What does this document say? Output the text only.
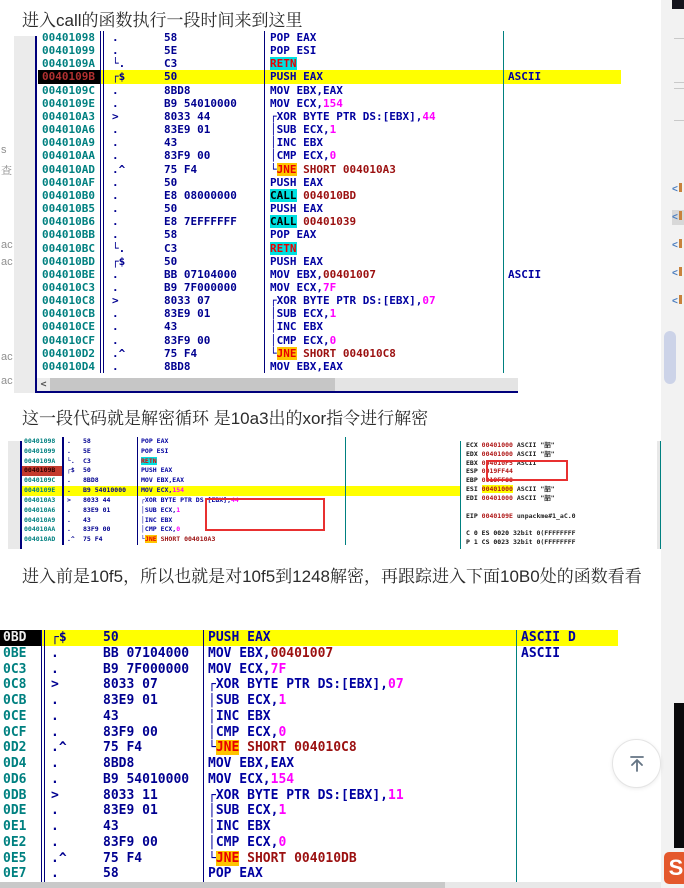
进入call的函数执行一段时间来到这里

s
查
ac
ac
ac
ac
00401098	.	58	POP EAX
00401099	.	5E	POP ESI
0040109A	└.	C3	RETN
0040109B	┌$	50	PUSH EAX	ASCII
0040109C	.	8BD8	MOV EBX,EAX
0040109E	.	B9 54010000	MOV ECX,154
004010A3	>	8033 44	┌XOR BYTE PTR DS:[EBX],44
004010A6	.	83E9 01	│SUB ECX,1
004010A9	.	43	│INC EBX
004010AA	.	83F9 00	│CMP ECX,0
004010AD	.^	75 F4	└JNE SHORT 004010A3
004010AF	.	50	PUSH EAX
004010B0	.	E8 08000000	CALL 004010BD
004010B5	.	50	PUSH EAX
004010B6	.	E8 7EFFFFFF	CALL 00401039
004010BB	.	58	POP EAX
004010BC	└.	C3	RETN
004010BD	┌$	50	PUSH EAX
004010BE	.	BB 07104000	MOV EBX,00401007	ASCII
004010C3	.	B9 7F000000	MOV ECX,7F
004010C8	>	8033 07	┌XOR BYTE PTR DS:[EBX],07
004010CB	.	83E9 01	│SUB ECX,1
004010CE	.	43	│INC EBX
004010CF	.	83F9 00	│CMP ECX,0
004010D2	.^	75 F4	└JNE SHORT 004010C8
004010D4	.	8BD8	MOV EBX,EAX
<

这一段代码就是解密循环 是10a3出的xor指令进行解密

00401098	.	58	POP EAX
00401099	.	5E	POP ESI
0040109A	└.	C3	RETN
0040109B	┌$	50	PUSH EAX
0040109C	.	8BD8	MOV EBX,EAX
0040109E	.	B9 54010000	MOV ECX,154
004010A3	>	8033 44	┌XOR BYTE PTR DS:[EBX],44
004010A6	.	83E9 01	│SUB ECX,1
004010A9	.	43	│INC EBX
004010AA	.	83F9 00	│CMP ECX,0
004010AD	.^	75 F4	└JNE SHORT 004010A3
ECX 00401000 ASCII "㗊"
EDX 00401000 ASCII "㗊"
EBX 004010F5 ASCII
ESP 0019FF44
EBP 0019FF88
ESI 00401000 ASCII "㗊"
EDI 00401000 ASCII "㗊"
EIP 0040109E unpackme#1_aC.0
C 0 ES 0020 32bit 0(FFFFFFFF
P 1 CS 0023 32bit 0(FFFFFFFF

进入前是10f5，所以也就是对10f5到1248解密，再跟踪进入下面10B0处的函数看看

0BD	┌$	50	PUSH EAX	ASCII D
0BE	.	BB 07104000	MOV EBX,00401007	ASCII
0C3	.	B9 7F000000	MOV ECX,7F
0C8	>	8033 07	┌XOR BYTE PTR DS:[EBX],07
0CB	.	83E9 01	│SUB ECX,1
0CE	.	43	│INC EBX
0CF	.	83F9 00	│CMP ECX,0
0D2	.^	75 F4	└JNE SHORT 004010C8
0D4	.	8BD8	MOV EBX,EAX
0D6	.	B9 54010000	MOV ECX,154
0DB	>	8033 11	┌XOR BYTE PTR DS:[EBX],11
0DE	.	83E9 01	│SUB ECX,1
0E1	.	43	│INC EBX
0E2	.	83F9 00	│CMP ECX,0
0E5	.^	75 F4	└JNE SHORT 004010DB
0E7	.	58	POP EAX
<
<
<
<
<
S
